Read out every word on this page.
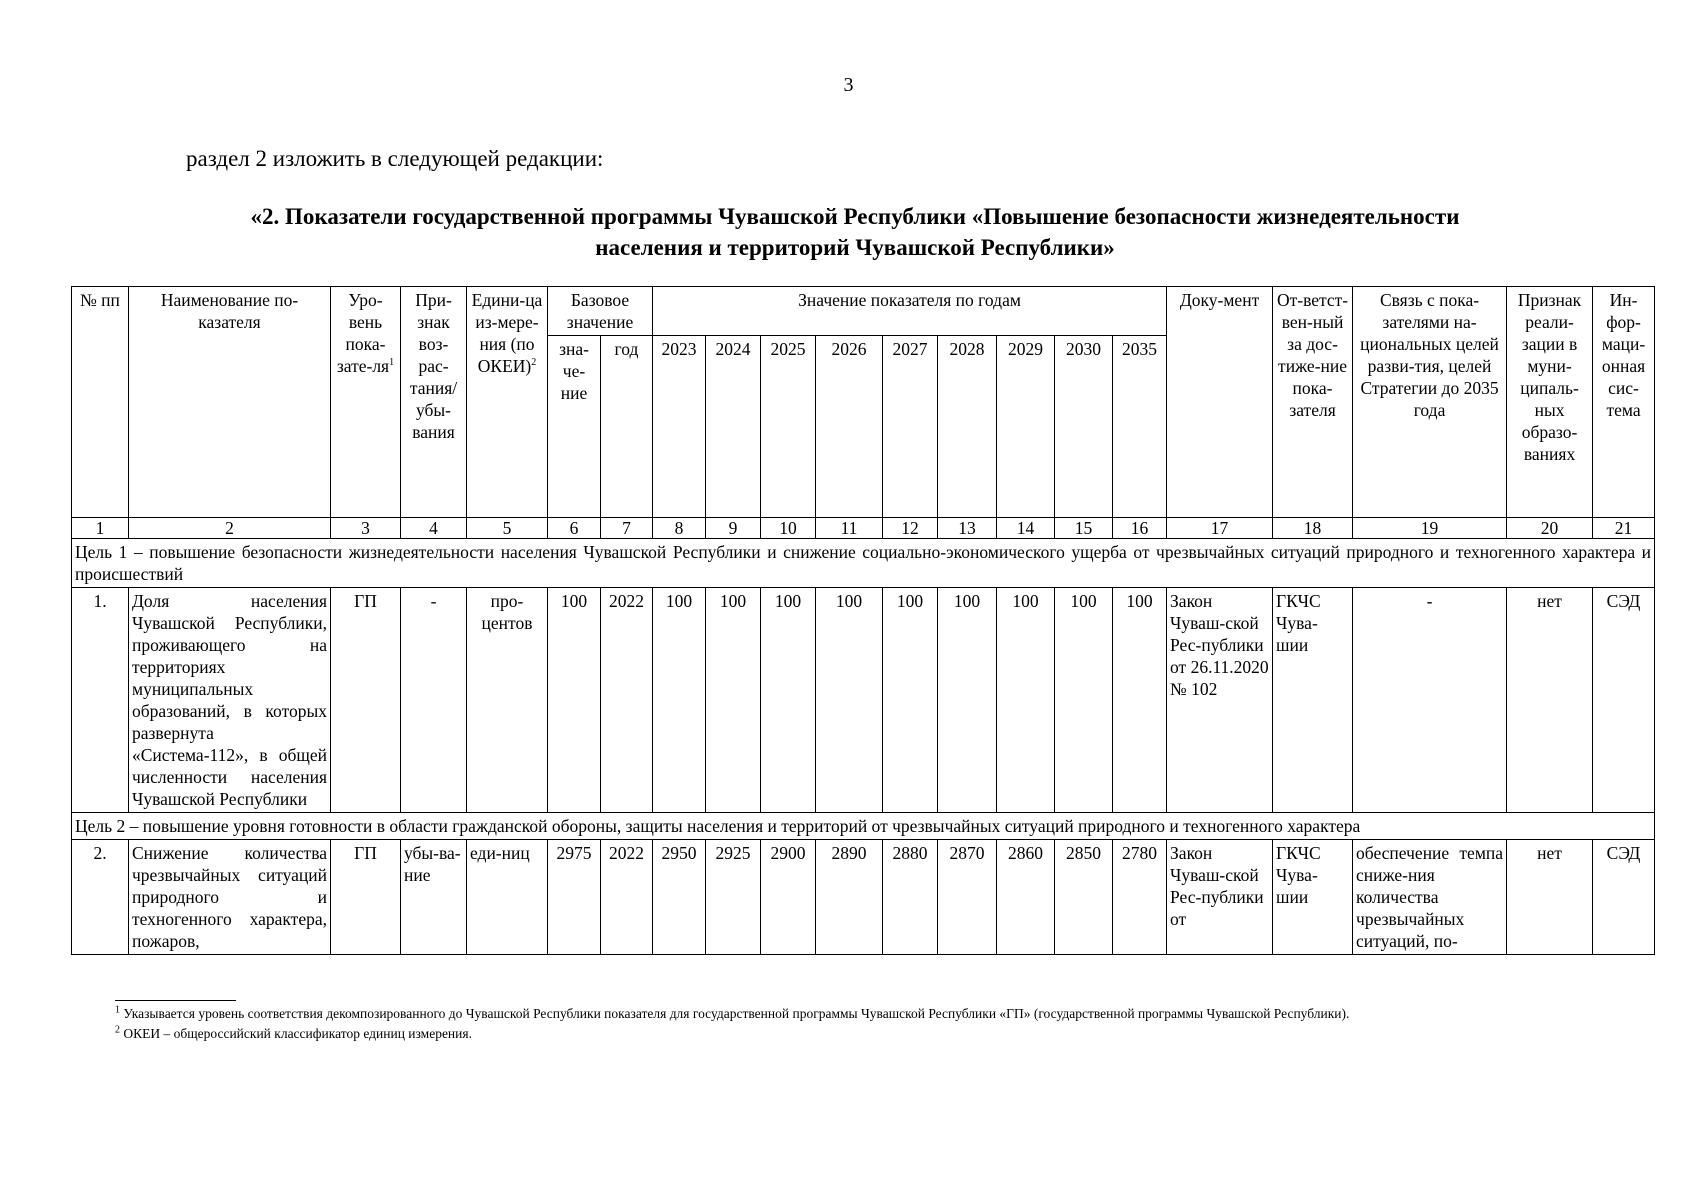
3
раздел 2 изложить в следующей редакции:
«2. Показатели государственной программы Чувашской Республики «Повышение безопасности жизнедеятельности
населения и территорий Чувашской Республики»
№ пп	Наименование по-казателя	Уро-вень пока-$зате-ля^1$	При-знак воз-рас-тания/ убы-вания	Едини-ца из-мере-ния (по ОКЕИ)$^2$	Базовое значение		Значение показателя по годам									Доку-мент	От-ветст-вен-ный за дос-тиже-ние пока-зателя	Связь с пока-зателями на-циональных целей разви-тия, целей Стратегии до 2035 года	Признак реали-зации в муни-ципаль-ных образо-ваниях	Ин-фор-маци-онная сис-тема
					зна-че-ние	год	2023	2024	2025	2026	2027	2028	2029	2030	2035					
1	2	3	4	5	6	7	8	9	10	11	12	13	14	15	16	17	18	19	20	21
Цель 1 – повышение безопасности жизнедеятельности населения Чувашской Республики и снижение социально-экономического ущерба от чрезвычайных ситуаций природного и техногенного характера и происшествий																				
1.	Доля населения Чувашской Республики, проживающего на территориях муниципальных образований, в которых развернута «Система-112», в общей численности населения Чувашской Республики	ГП	-	про-центов	100	2022	100	100	100	100	100	100	100	100	100	Закон Чуваш-ской Рес-публики от 26.11.2020 № 102	ГКЧС Чува-шии	-	нет	СЭД
Цель 2 – повышение уровня готовности в области гражданской обороны, защиты населения и территорий от чрезвычайных ситуаций природного и техногенного характера																				
2.	Снижение количества чрезвычайных ситуаций природного и техногенного характера, пожаров,	ГП	убы-ва-ние	еди-ниц	2975	2022	2950	2925	2900	2890	2880	2870	2860	2850	2780	Закон Чуваш-ской Рес-публики от	ГКЧС Чува-шии	обеспечение темпа сниже-ния количества чрезвычайных ситуаций, по-	нет	СЭД
$^1$ Указывается уровень соответствия декомпозированного до Чувашской Республики показателя для государственной программы Чувашской Республики «ГП» (государственной программы Чувашской Республики).
$^2$ ОКЕИ – общероссийский классификатор единиц измерения.
